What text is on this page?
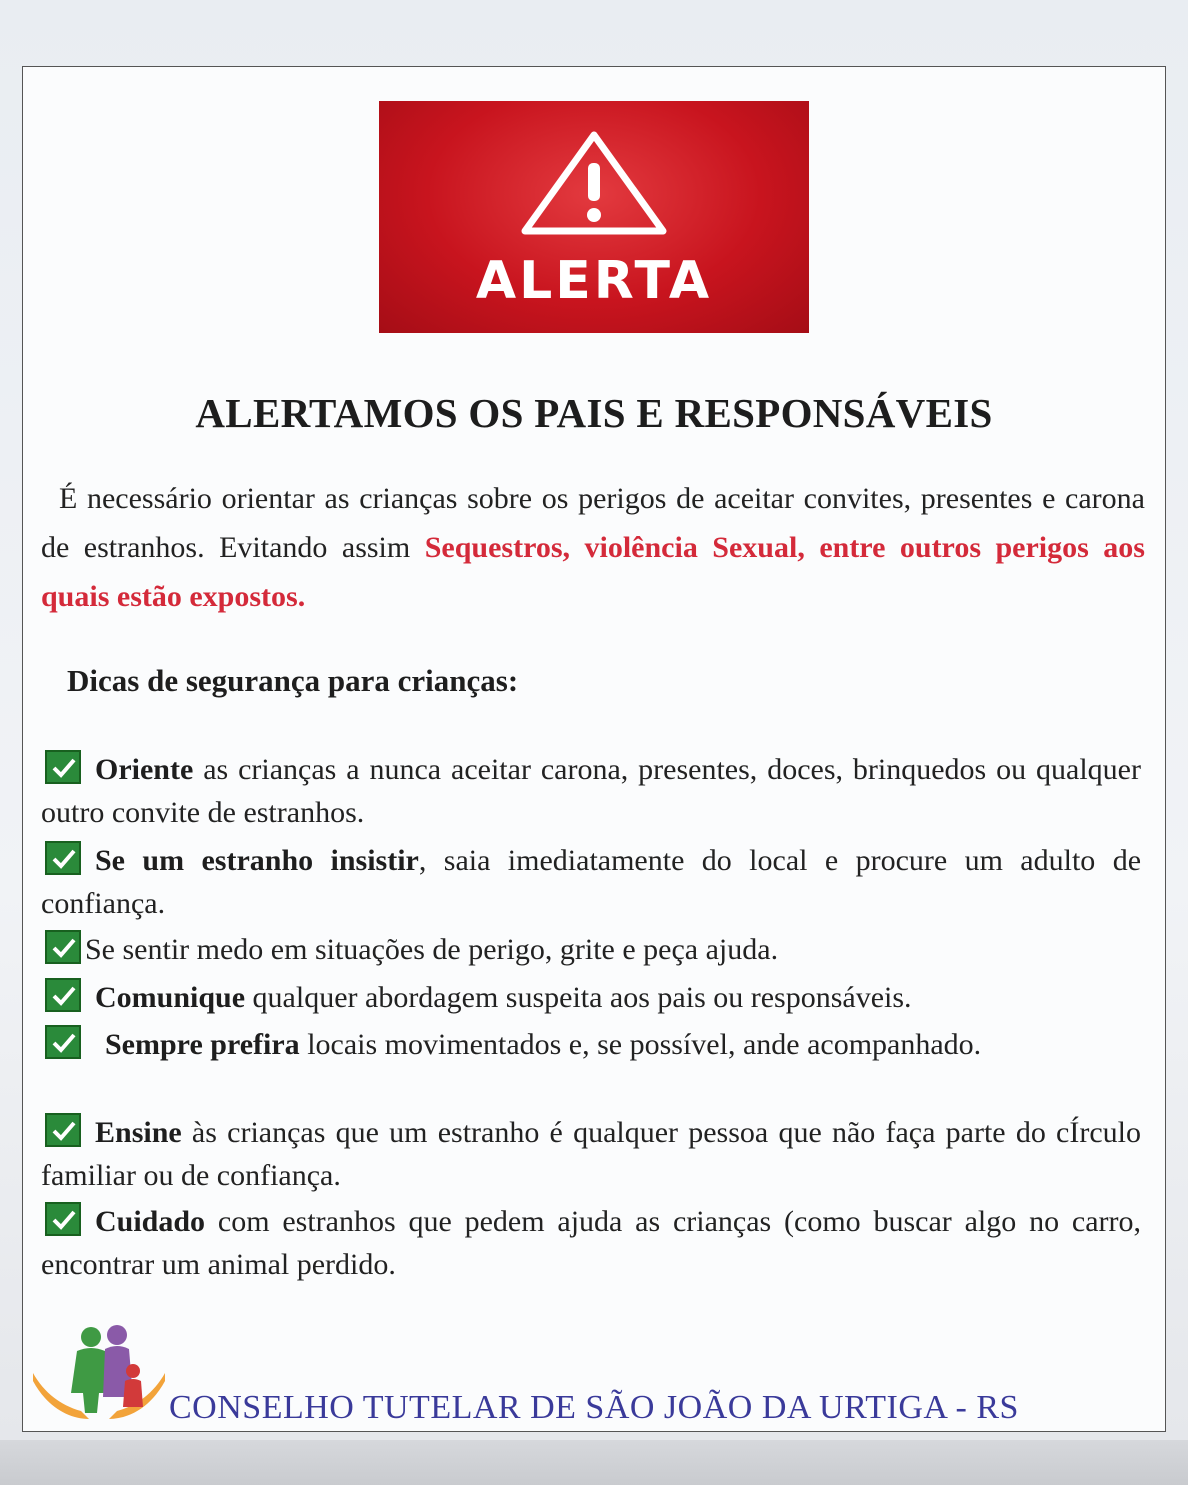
ALERTA
ALERTAMOS OS PAIS E RESPONSÁVEIS
É necessário orientar as crianças sobre os perigos de aceitar convites, presentes e carona de estranhos. Evitando assim Sequestros, violência Sexual, entre outros perigos aos quais estão expostos.
Dicas de segurança para crianças:
Oriente as crianças a nunca aceitar carona, presentes, doces, brinquedos ou qualquer outro convite de estranhos.
Se um estranho insistir, saia imediatamente do local e procure um adulto de confiança.
Se sentir medo em situações de perigo, grite e peça ajuda.
Comunique qualquer abordagem suspeita aos pais ou responsáveis.
Sempre prefira locais movimentados e, se possível, ande acompanhado.
Ensine às crianças que um estranho é qualquer pessoa que não faça parte do cÍrculo familiar ou de confiança.
Cuidado com estranhos que pedem ajuda as crianças (como buscar algo no carro, encontrar um animal perdido.
CONSELHO TUTELAR DE SÃO JOÃO DA URTIGA - RS
